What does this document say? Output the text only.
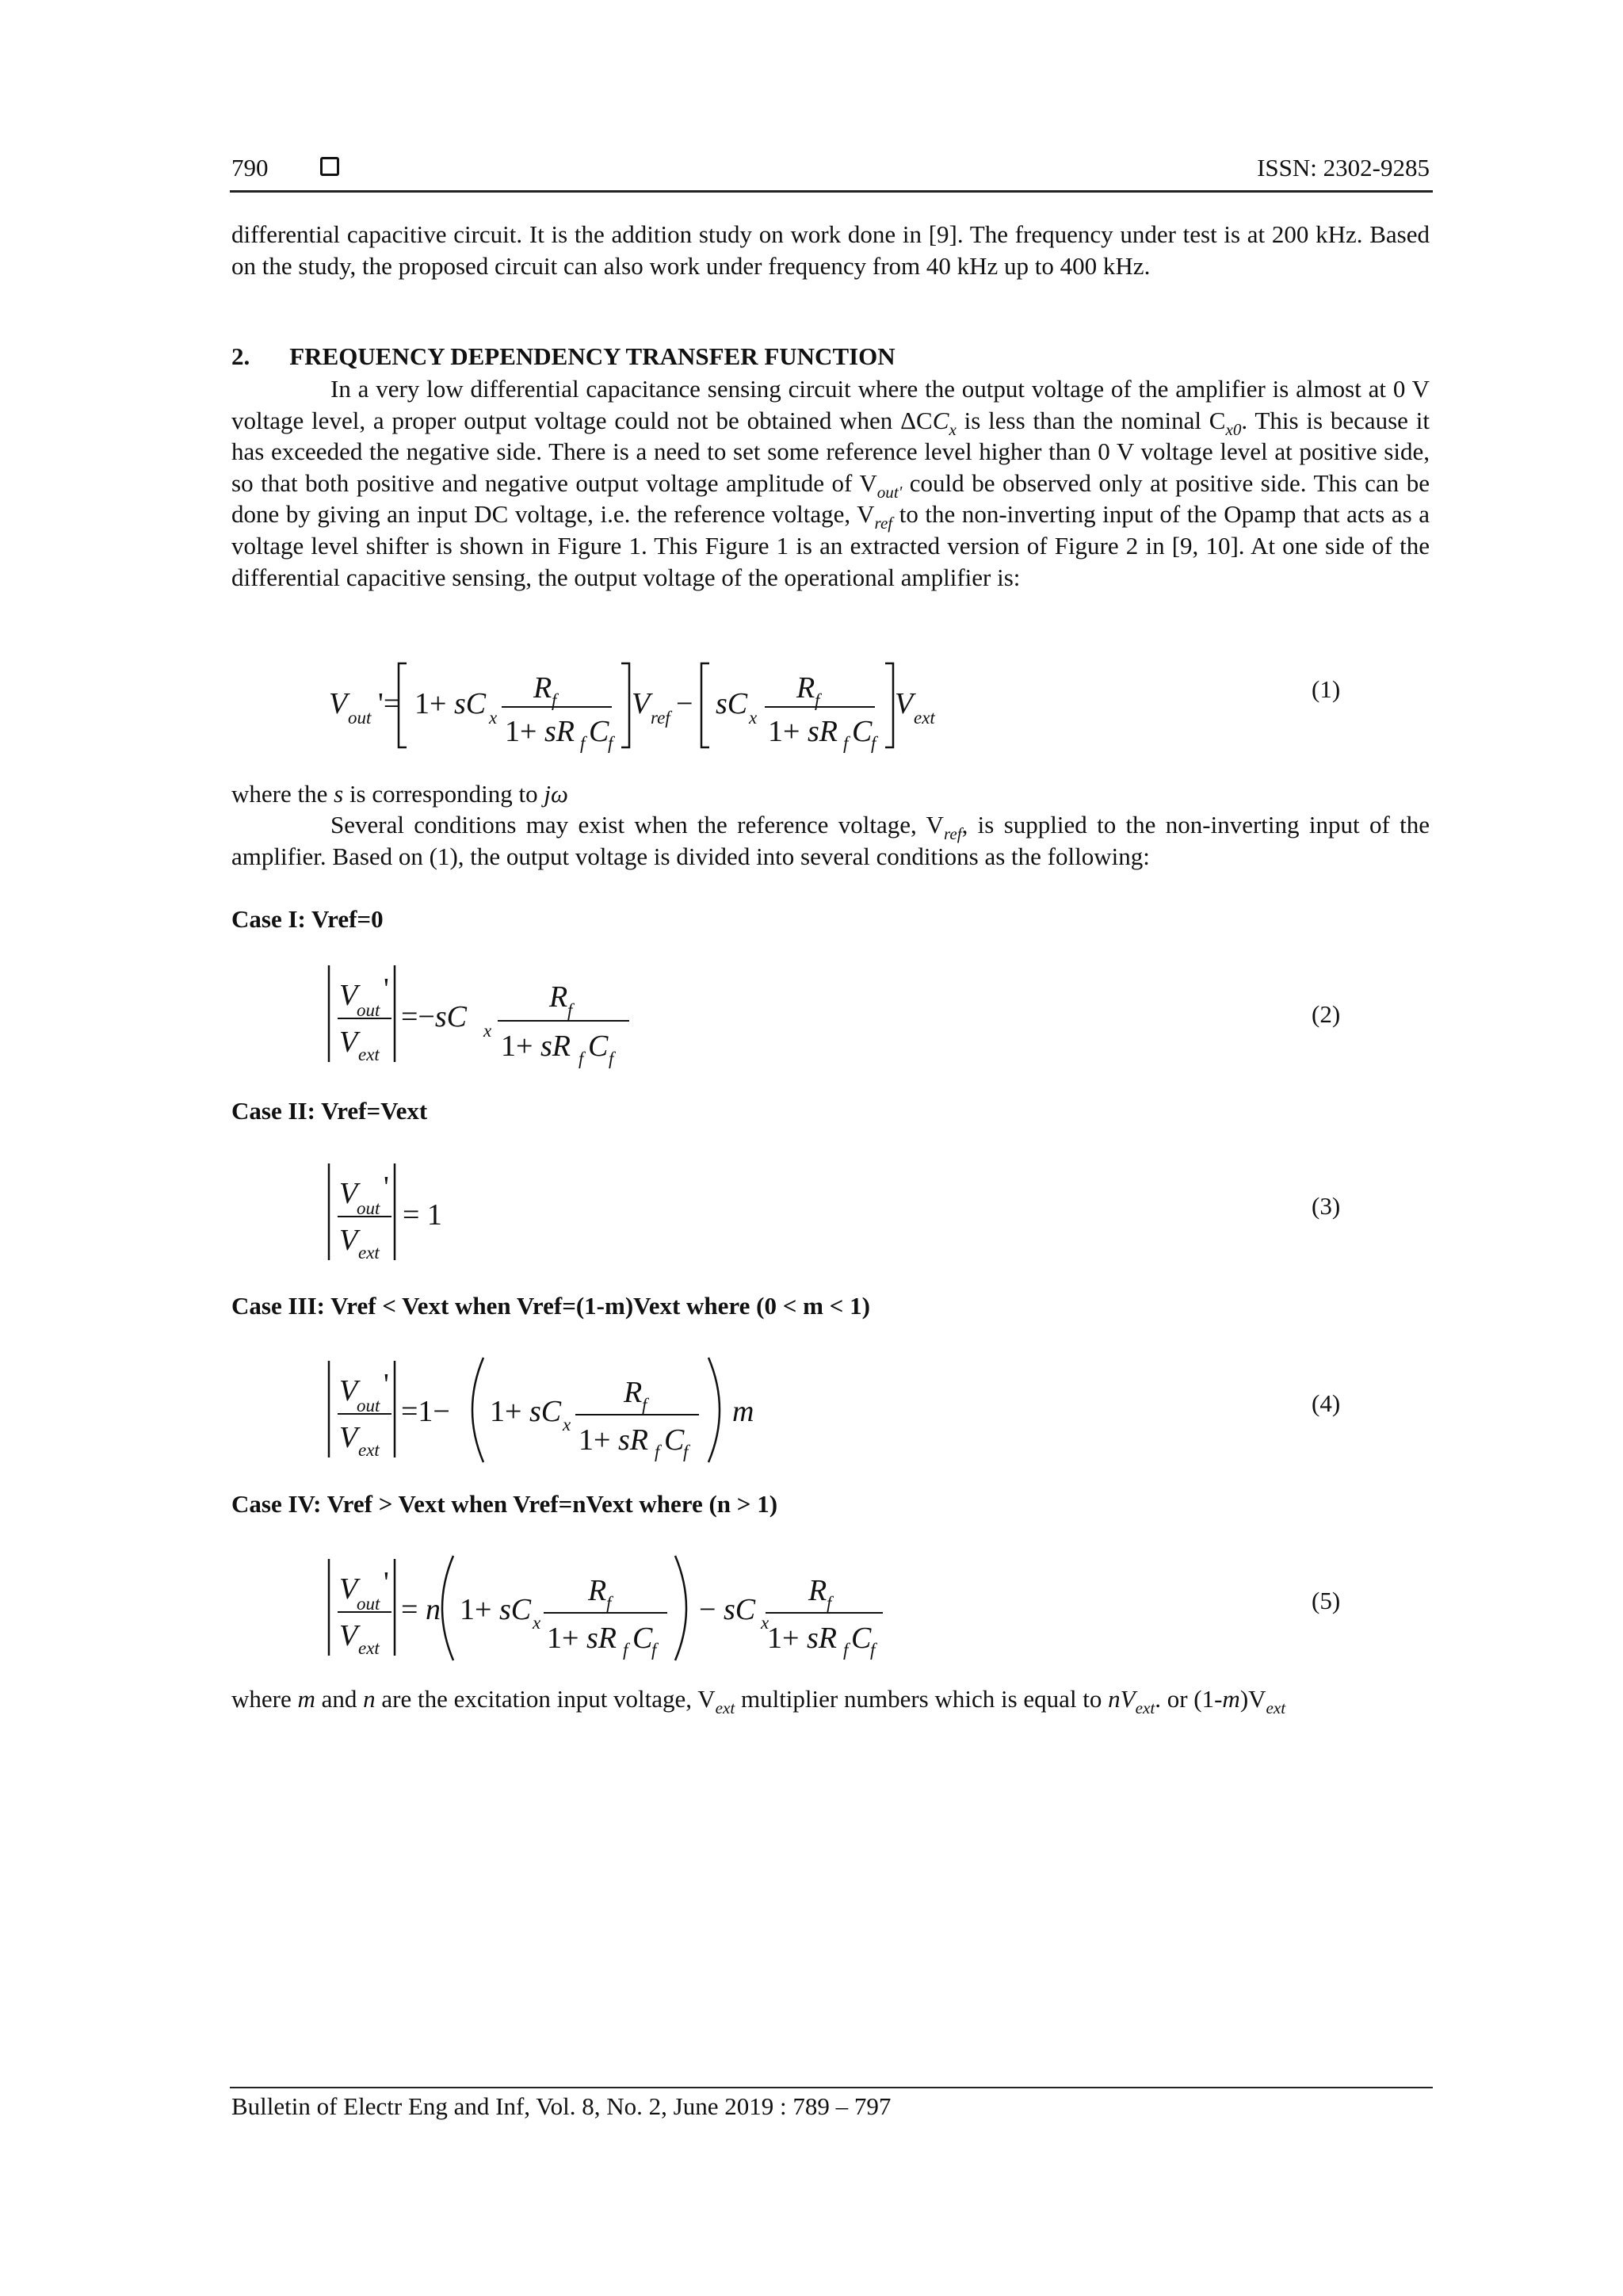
790	ISSN: 2302-9285

differential capacitive circuit. It is the addition study on work done in [9]. The frequency under test is at 200 kHz. Based on the study, the proposed circuit can also work under frequency from 40 kHz up to 400 kHz.

2. FREQUENCY DEPENDENCY TRANSFER FUNCTION

In a very low differential capacitance sensing circuit where the output voltage of the amplifier is almost at 0 V voltage level, a proper output voltage could not be obtained when $\Delta CC_x$ is less than the nominal $C_{x0}$. This is because it has exceeded the negative side. There is a need to set some reference level higher than 0 V voltage level at positive side, so that both positive and negative output voltage amplitude of $V_{out'}$ could be observed only at positive side. This can be done by giving an input DC voltage, i.e. the reference voltage, $V_{ref}$ to the non-inverting input of the Opamp that acts as a voltage level shifter is shown in Figure 1. This Figure 1 is an extracted version of Figure 2 in [9, 10]. At one side of the differential capacitive sensing, the output voltage of the operational amplifier is:

V out '= 1+ sC x
R f
1+ sR f C
f
V ref − sC x
R f
1+ sR f C
f
V ext
(1)

where the s is corresponding to jω

Several conditions may exist when the reference voltage, $V_{ref}$, is supplied to the non-inverting input of the amplifier. Based on (1), the output voltage is divided into several conditions as the following:

Case I: Vref=0
V
out
'
V ext
=−sC x
R f
1+ sR f C f
(2)
Case II: Vref=Vext
V
out
'
V ext
= 1	(3)
Case III: Vref < Vext when Vref=(1-m)Vext where (0 < m < 1)
V
out
'
V ext
=1− 1+ sC x
R f
1+ sR f C
f
m	(4)
Case IV: Vref > Vext when Vref=nVext where (n > 1)
V
out
'
V ext
= n 1+ sC x
R f
1+ sR f C
f
− sC x
R f
1+ sR f C
f
(5)

where m and n are the excitation input voltage, $V_{ext}$ multiplier numbers which is equal to $nV_{ext}$. or $(1-m)V_{ext}$

Bulletin of Electr Eng and Inf, Vol. 8, No. 2, June 2019 : 789 – 797
